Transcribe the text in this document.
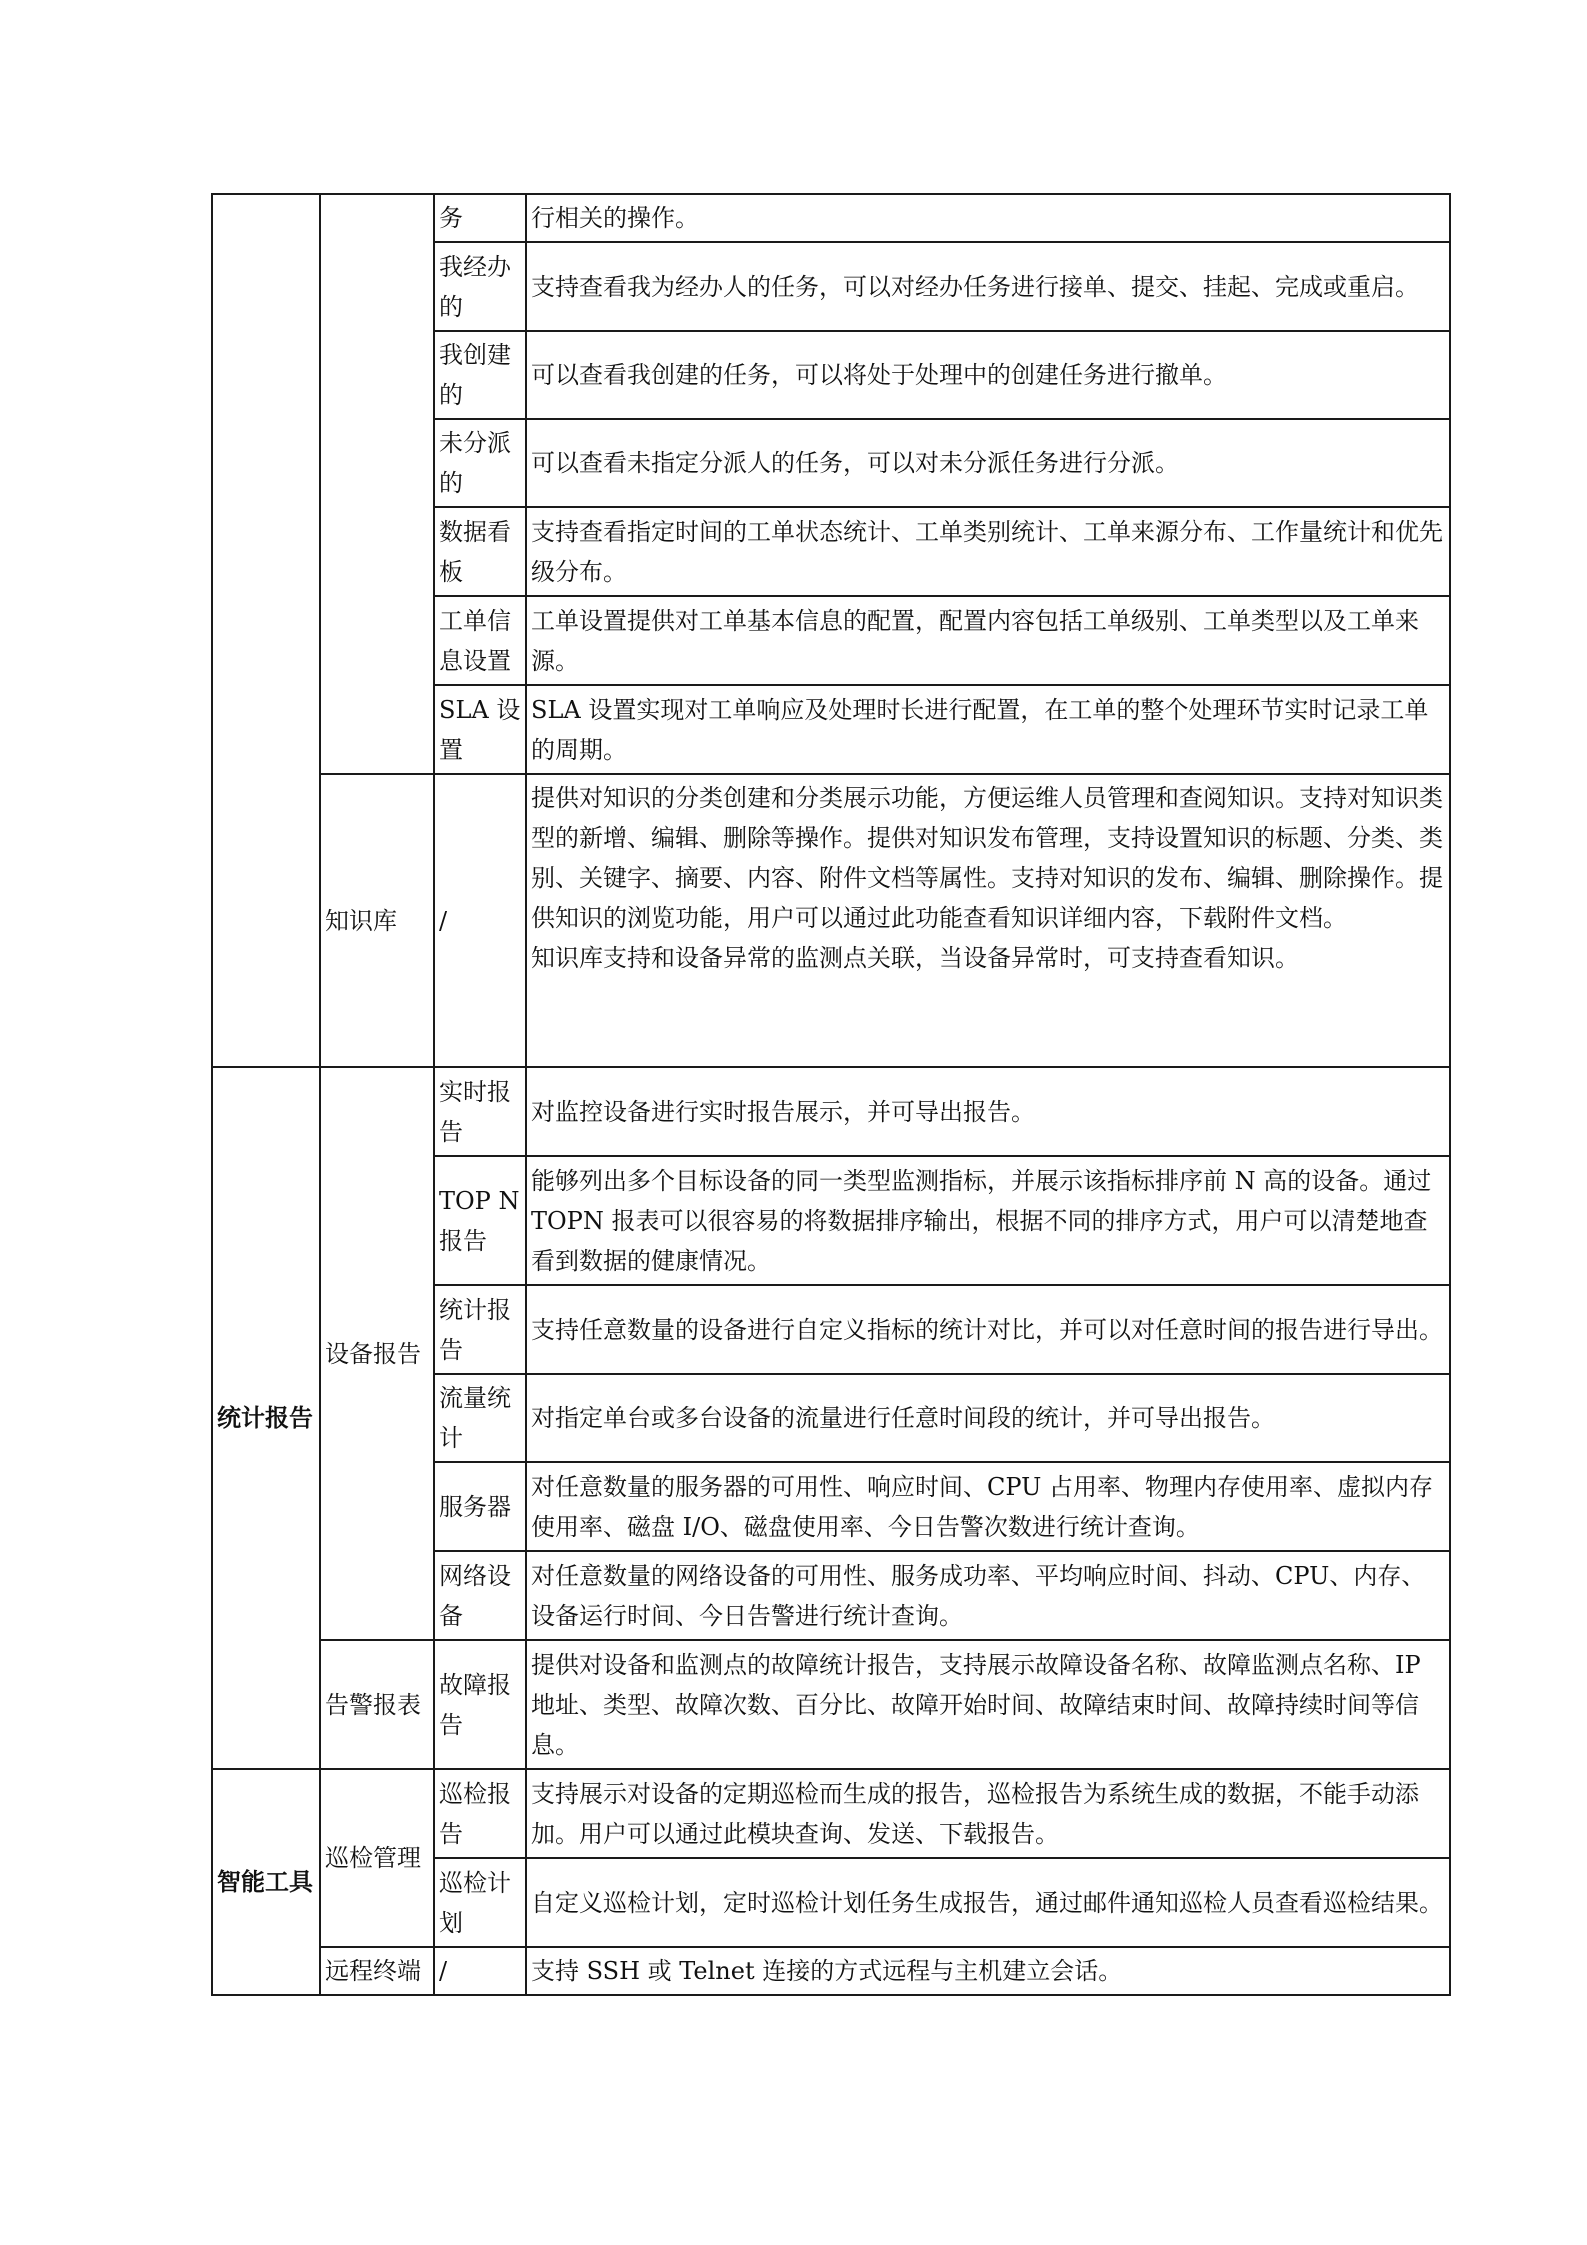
		务	行相关的操作。
		我经办的	支持查看我为经办人的任务，可以对经办任务进行接单、提交、挂起、完成或重启。
		我创建的	可以查看我创建的任务，可以将处于处理中的创建任务进行撤单。
		未分派的	可以查看未指定分派人的任务，可以对未分派任务进行分派。
		数据看板	支持查看指定时间的工单状态统计、工单类别统计、工单来源分布、工作量统计和优先级分布。
		工单信息设置	工单设置提供对工单基本信息的配置，配置内容包括工单级别、工单类型以及工单来源。
		SLA 设置	SLA 设置实现对工单响应及处理时长进行配置，在工单的整个处理环节实时记录工单的周期。
	知识库	/	提供对知识的分类创建和分类展示功能，方便运维人员管理和查阅知识。支持对知识类型的新增、编辑、删除等操作。提供对知识发布管理，支持设置知识的标题、分类、类别、关键字、摘要、内容、附件文档等属性。支持对知识的发布、编辑、删除操作。提供知识的浏览功能，用户可以通过此功能查看知识详细内容，下载附件文档。
知识库支持和设备异常的监测点关联，当设备异常时，可支持查看知识。

统计报告	设备报告	实时报告	对监控设备进行实时报告展示，并可导出报告。
		TOP N 报告	能够列出多个目标设备的同一类型监测指标，并展示该指标排序前 N 高的设备。通过 TOPN 报表可以很容易的将数据排序输出，根据不同的排序方式，用户可以清楚地查看到数据的健康情况。
		统计报告	支持任意数量的设备进行自定义指标的统计对比，并可以对任意时间的报告进行导出。
		流量统计	对指定单台或多台设备的流量进行任意时间段的统计，并可导出报告。
		服务器	对任意数量的服务器的可用性、响应时间、CPU 占用率、物理内存使用率、虚拟内存使用率、磁盘 I/O、磁盘使用率、今日告警次数进行统计查询。
		网络设备	对任意数量的网络设备的可用性、服务成功率、平均响应时间、抖动、CPU、内存、设备运行时间、今日告警进行统计查询。
	告警报表	故障报告	提供对设备和监测点的故障统计报告，支持展示故障设备名称、故障监测点名称、IP 地址、类型、故障次数、百分比、故障开始时间、故障结束时间、故障持续时间等信息。
智能工具	巡检管理	巡检报告	支持展示对设备的定期巡检而生成的报告，巡检报告为系统生成的数据，不能手动添加。用户可以通过此模块查询、发送、下载报告。
		巡检计划	自定义巡检计划，定时巡检计划任务生成报告，通过邮件通知巡检人员查看巡检结果。
	远程终端	/	支持 SSH 或 Telnet 连接的方式远程与主机建立会话。
